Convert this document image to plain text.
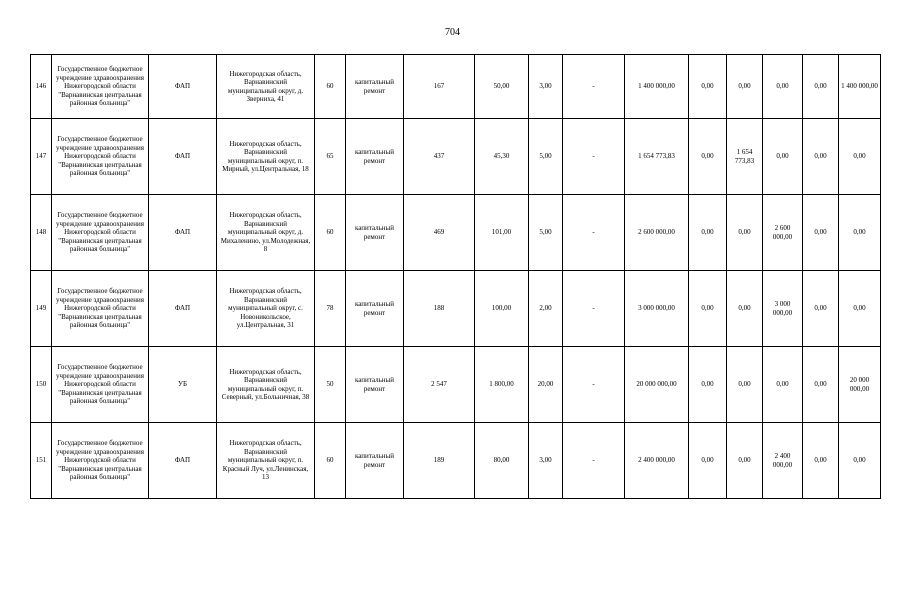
704
146	Государственное бюджетное учреждение здравоохранения Нижегородской области "Варнавинская центральная районная больница"	ФАП	Нижегородская область, Варнавинский муниципальный округ, д. Зверниха, 41	60	капитальный ремонт	167	50,00	3,00	-	1 400 000,00	0,00	0,00	0,00	0,00	1 400 000,00
147	Государственное бюджетное учреждение здравоохранения Нижегородской области "Варнавинская центральная районная больница"	ФАП	Нижегородская область, Варнавинский муниципальный округ, п. Мирный, ул.Центральная, 18	65	капитальный ремонт	437	45,30	5,00	-	1 654 773,83	0,00	1 654 773,83	0,00	0,00	0,00
148	Государственное бюджетное учреждение здравоохранения Нижегородской области "Варнавинская центральная районная больница"	ФАП	Нижегородская область, Варнавинский муниципальный округ, д. Михаленино, ул.Молодежная, 8	60	капитальный ремонт	469	101,00	5,00	-	2 600 000,00	0,00	0,00	2 600 000,00	0,00	0,00
149	Государственное бюджетное учреждение здравоохранения Нижегородской области "Варнавинская центральная районная больница"	ФАП	Нижегородская область, Варнавинский муниципальный округ, с. Новоникольское, ул.Центральная, 31	78	капитальный ремонт	188	100,00	2,00	-	3 000 000,00	0,00	0,00	3 000 000,00	0,00	0,00
150	Государственное бюджетное учреждение здравоохранения Нижегородской области "Варнавинская центральная районная больница"	УБ	Нижегородская область, Варнавинский муниципальный округ, п. Северный, ул.Больничная, 38	50	капитальный ремонт	2 547	1 800,00	20,00	-	20 000 000,00	0,00	0,00	0,00	0,00	20 000 000,00
151	Государственное бюджетное учреждение здравоохранения Нижегородской области "Варнавинская центральная районная больница"	ФАП	Нижегородская область, Варнавинский муниципальный округ, п. Красный Луч, ул.Ленинская, 13	60	капитальный ремонт	189	80,00	3,00	-	2 400 000,00	0,00	0,00	2 400 000,00	0,00	0,00
